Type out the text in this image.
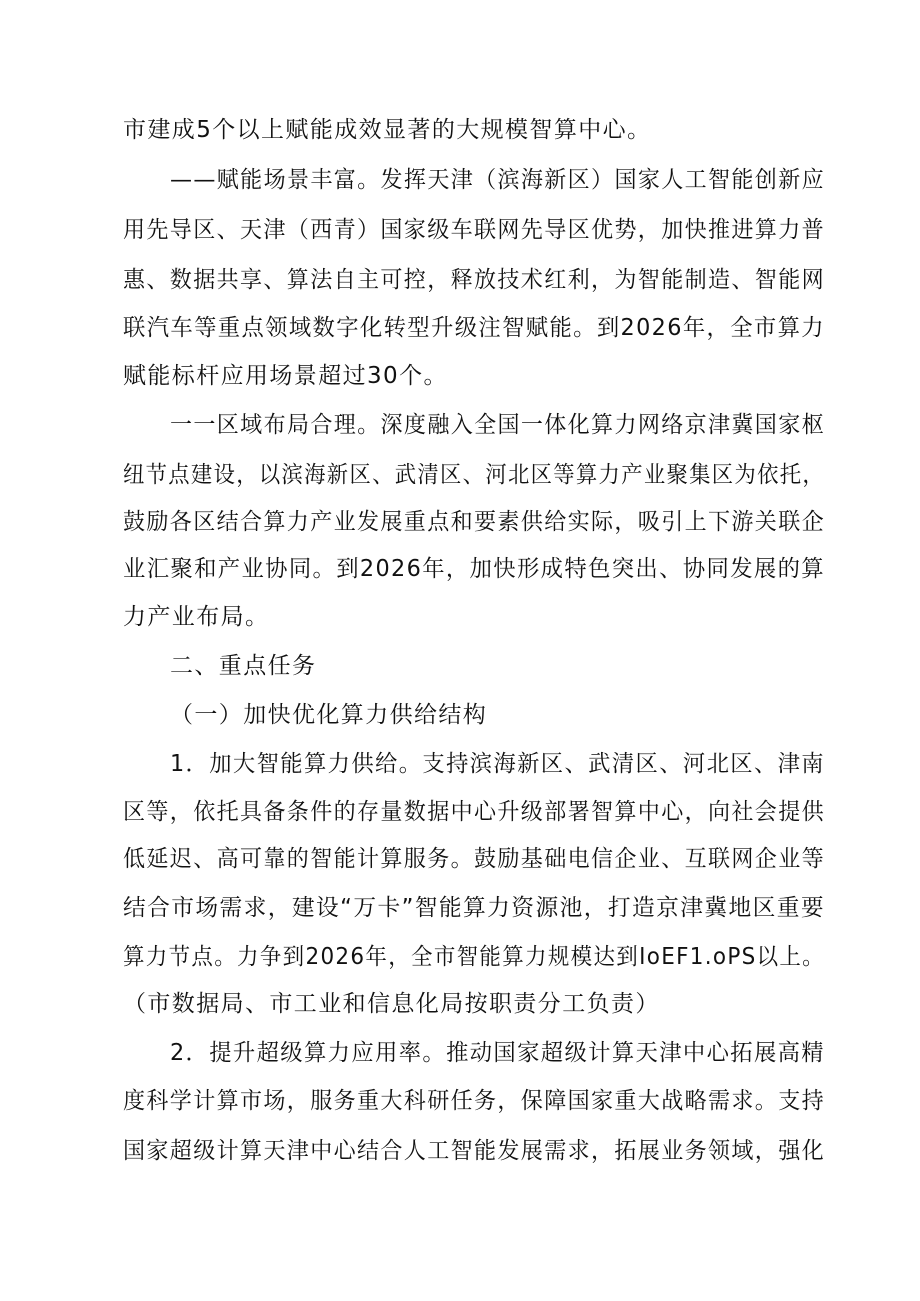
市建成5个以上赋能成效显著的大规模智算中心。
——赋能场景丰富。发挥天津（滨海新区）国家人工智能创新应
用先导区、天津（西青）国家级车联网先导区优势，加快推进算力普
惠、数据共享、算法自主可控，释放技术红利，为智能制造、智能网
联汽车等重点领域数字化转型升级注智赋能。到2026年，全市算力
赋能标杆应用场景超过30个。
一一区域布局合理。深度融入全国一体化算力网络京津冀国家枢
纽节点建设，以滨海新区、武清区、河北区等算力产业聚集区为依托，
鼓励各区结合算力产业发展重点和要素供给实际，吸引上下游关联企
业汇聚和产业协同。到2026年，加快形成特色突出、协同发展的算
力产业布局。
二、重点任务
（一）加快优化算力供给结构
1．加大智能算力供给。支持滨海新区、武清区、河北区、津南
区等，依托具备条件的存量数据中心升级部署智算中心，向社会提供
低延迟、高可靠的智能计算服务。鼓励基础电信企业、互联网企业等
结合市场需求，建设“万卡”智能算力资源池，打造京津冀地区重要
算力节点。力争到2026年，全市智能算力规模达到IoEF1.oPS以上。
（市数据局、市工业和信息化局按职责分工负责）
2．提升超级算力应用率。推动国家超级计算天津中心拓展高精
度科学计算市场，服务重大科研任务，保障国家重大战略需求。支持
国家超级计算天津中心结合人工智能发展需求，拓展业务领域，强化
